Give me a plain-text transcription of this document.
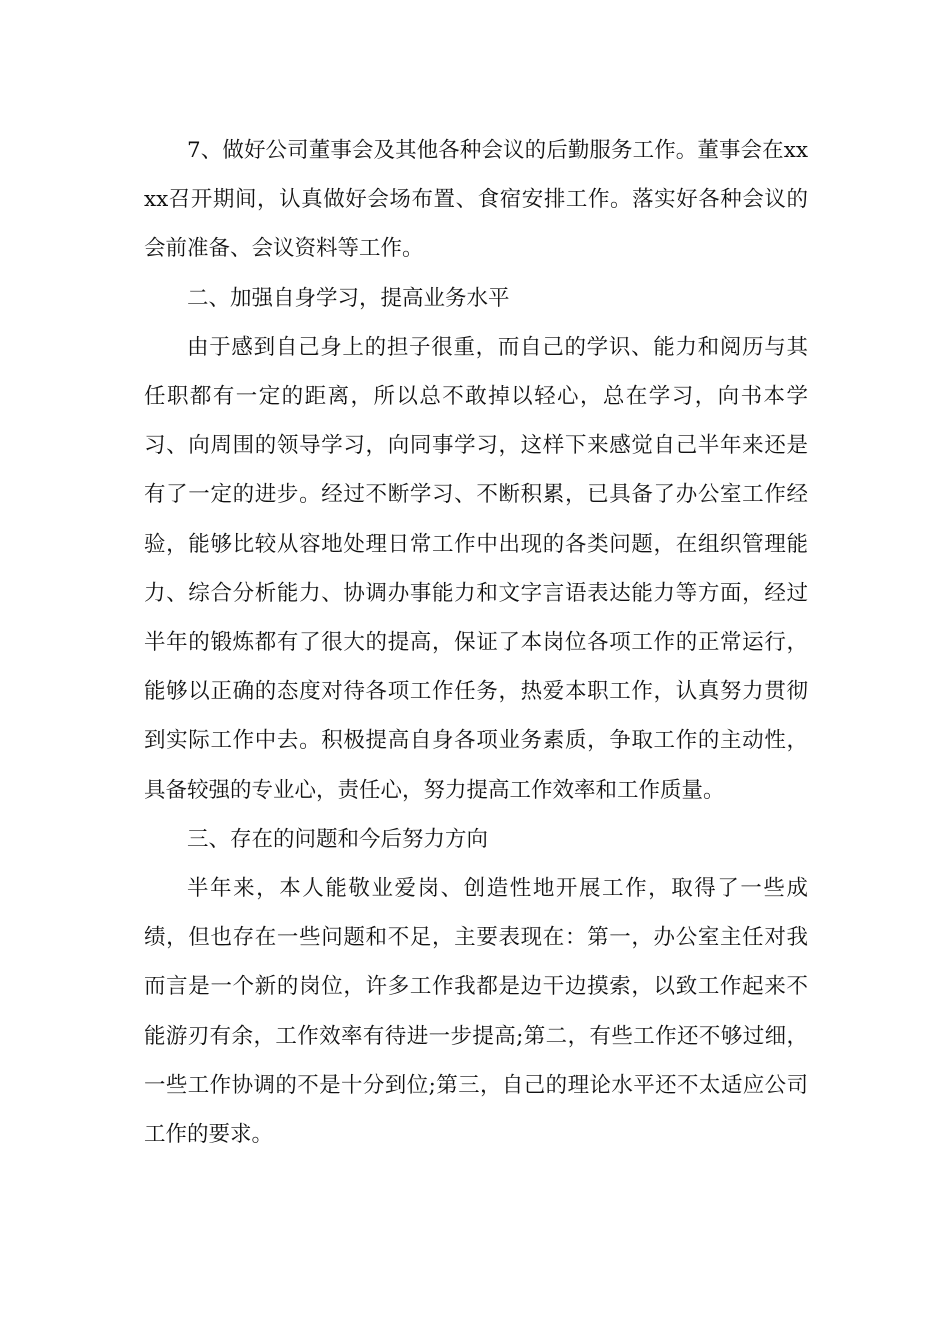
7、做好公司董事会及其他各种会议的后勤服务工作。董事会在xxxx召开期间，认真做好会场布置、食宿安排工作。落实好各种会议的会前准备、会议资料等工作。

二、加强自身学习，提高业务水平

由于感到自己身上的担子很重，而自己的学识、能力和阅历与其任职都有一定的距离，所以总不敢掉以轻心，总在学习，向书本学习、向周围的领导学习，向同事学习，这样下来感觉自己半年来还是有了一定的进步。经过不断学习、不断积累，已具备了办公室工作经验，能够比较从容地处理日常工作中出现的各类问题，在组织管理能力、综合分析能力、协调办事能力和文字言语表达能力等方面，经过半年的锻炼都有了很大的提高，保证了本岗位各项工作的正常运行，能够以正确的态度对待各项工作任务，热爱本职工作，认真努力贯彻到实际工作中去。积极提高自身各项业务素质，争取工作的主动性，具备较强的专业心，责任心，努力提高工作效率和工作质量。

三、存在的问题和今后努力方向

半年来，本人能敬业爱岗、创造性地开展工作，取得了一些成绩，但也存在一些问题和不足，主要表现在：第一，办公室主任对我而言是一个新的岗位，许多工作我都是边干边摸索，以致工作起来不能游刃有余，工作效率有待进一步提高;第二，有些工作还不够过细，一些工作协调的不是十分到位;第三，自己的理论水平还不太适应公司工作的要求。
